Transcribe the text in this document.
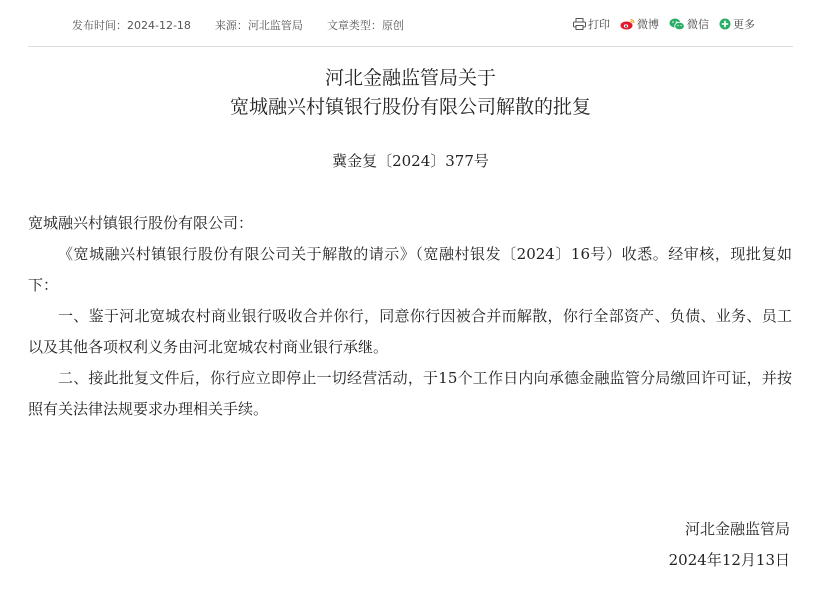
发布时间：2024-12-18 来源：河北监管局 文章类型：原创	打印 微博	微信 更多
河北金融监管局关于
宽城融兴村镇银行股份有限公司解散的批复
冀金复〔2024〕377号

宽城融兴村镇银行股份有限公司：

《宽城融兴村镇银行股份有限公司关于解散的请示》（宽融村银发〔2024〕16号）收悉。经审核，现批复如下：

一、鉴于河北宽城农村商业银行吸收合并你行，同意你行因被合并而解散，你行全部资产、负债、业务、员工以及其他各项权利义务由河北宽城农村商业银行承继。

二、接此批复文件后，你行应立即停止一切经营活动，于15个工作日内向承德金融监管分局缴回许可证，并按照有关法律法规要求办理相关手续。

河北金融监管局
2024年12月13日
